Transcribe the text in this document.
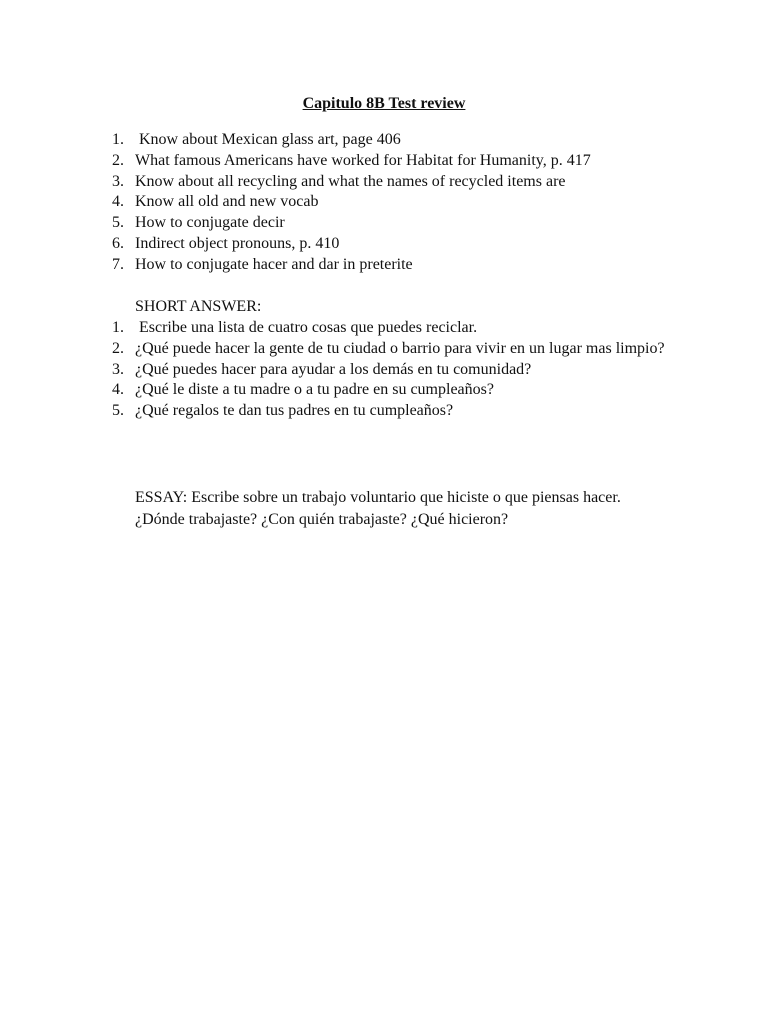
Capitulo 8B Test review
1. Know about Mexican glass art, page 406
2. What famous Americans have worked for Habitat for Humanity, p. 417
3. Know about all recycling and what the names of recycled items are
4. Know all old and new vocab
5. How to conjugate decir
6. Indirect object pronouns, p. 410
7. How to conjugate hacer and dar in preterite
SHORT ANSWER:
1. Escribe una lista de cuatro cosas que puedes reciclar.
2. ¿Qué puede hacer la gente de tu ciudad o barrio para vivir en un lugar mas limpio?
3. ¿Qué puedes hacer para ayudar a los demás en tu comunidad?
4. ¿Qué le diste a tu madre o a tu padre en su cumpleaños?
5. ¿Qué regalos te dan tus padres en tu cumpleaños?
ESSAY: Escribe sobre un trabajo voluntario que hiciste o que piensas hacer.
¿Dónde trabajaste? ¿Con quién trabajaste? ¿Qué hicieron?
